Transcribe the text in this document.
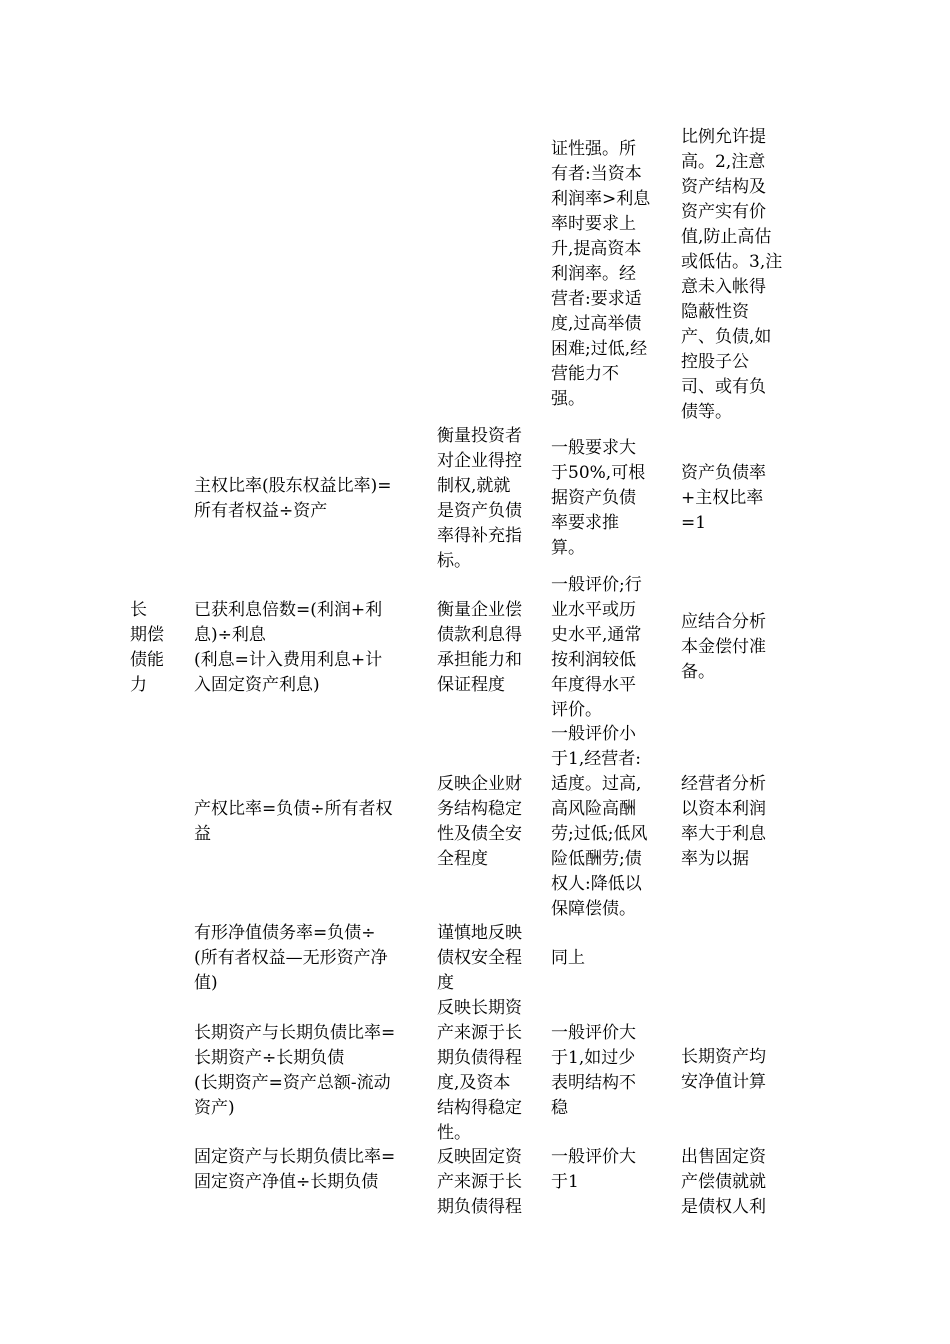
长
期偿
债能
力
证性强。所
有者:当资本
利润率>利息
率时要求上
升,提高资本
利润率。经
营者:要求适
度,过高举债
困难;过低,经
营能力不
强。
比例允许提
高。2,注意
资产结构及
资产实有价
值,防止高估
或低估。3,注
意未入帐得
隐蔽性资
产、负债,如
控股子公
司、或有负
债等。
主权比率(股东权益比率)=
所有者权益÷资产
衡量投资者
对企业得控
制权,就就
是资产负债
率得补充指
标。
一般要求大
于50%,可根
据资产负债
率要求推
算。
资产负债率
+主权比率
=1
已获利息倍数=(利润+利
息)÷利息
(利息=计入费用利息+计
入固定资产利息)
衡量企业偿
债款利息得
承担能力和
保证程度
一般评价;行
业水平或历
史水平,通常
按利润较低
年度得水平
评价。
应结合分析
本金偿付准
备。
产权比率=负债÷所有者权
益
反映企业财
务结构稳定
性及债全安
全程度
一般评价小
于1,经营者:
适度。过高,
高风险高酬
劳;过低;低风
险低酬劳;债
权人:降低以
保障偿债。
经营者分析
以资本利润
率大于利息
率为以据
有形净值债务率=负债÷
(所有者权益—无形资产净
值)
谨慎地反映
债权安全程
度
同上
长期资产与长期负债比率=
长期资产÷长期负债
(长期资产=资产总额-流动
资产)
反映长期资
产来源于长
期负债得程
度,及资本
结构得稳定
性。
一般评价大
于1,如过少
表明结构不
稳
长期资产均
安净值计算
固定资产与长期负债比率=
固定资产净值÷长期负债
反映固定资
产来源于长
期负债得程
一般评价大
于1
出售固定资
产偿债就就
是债权人利
